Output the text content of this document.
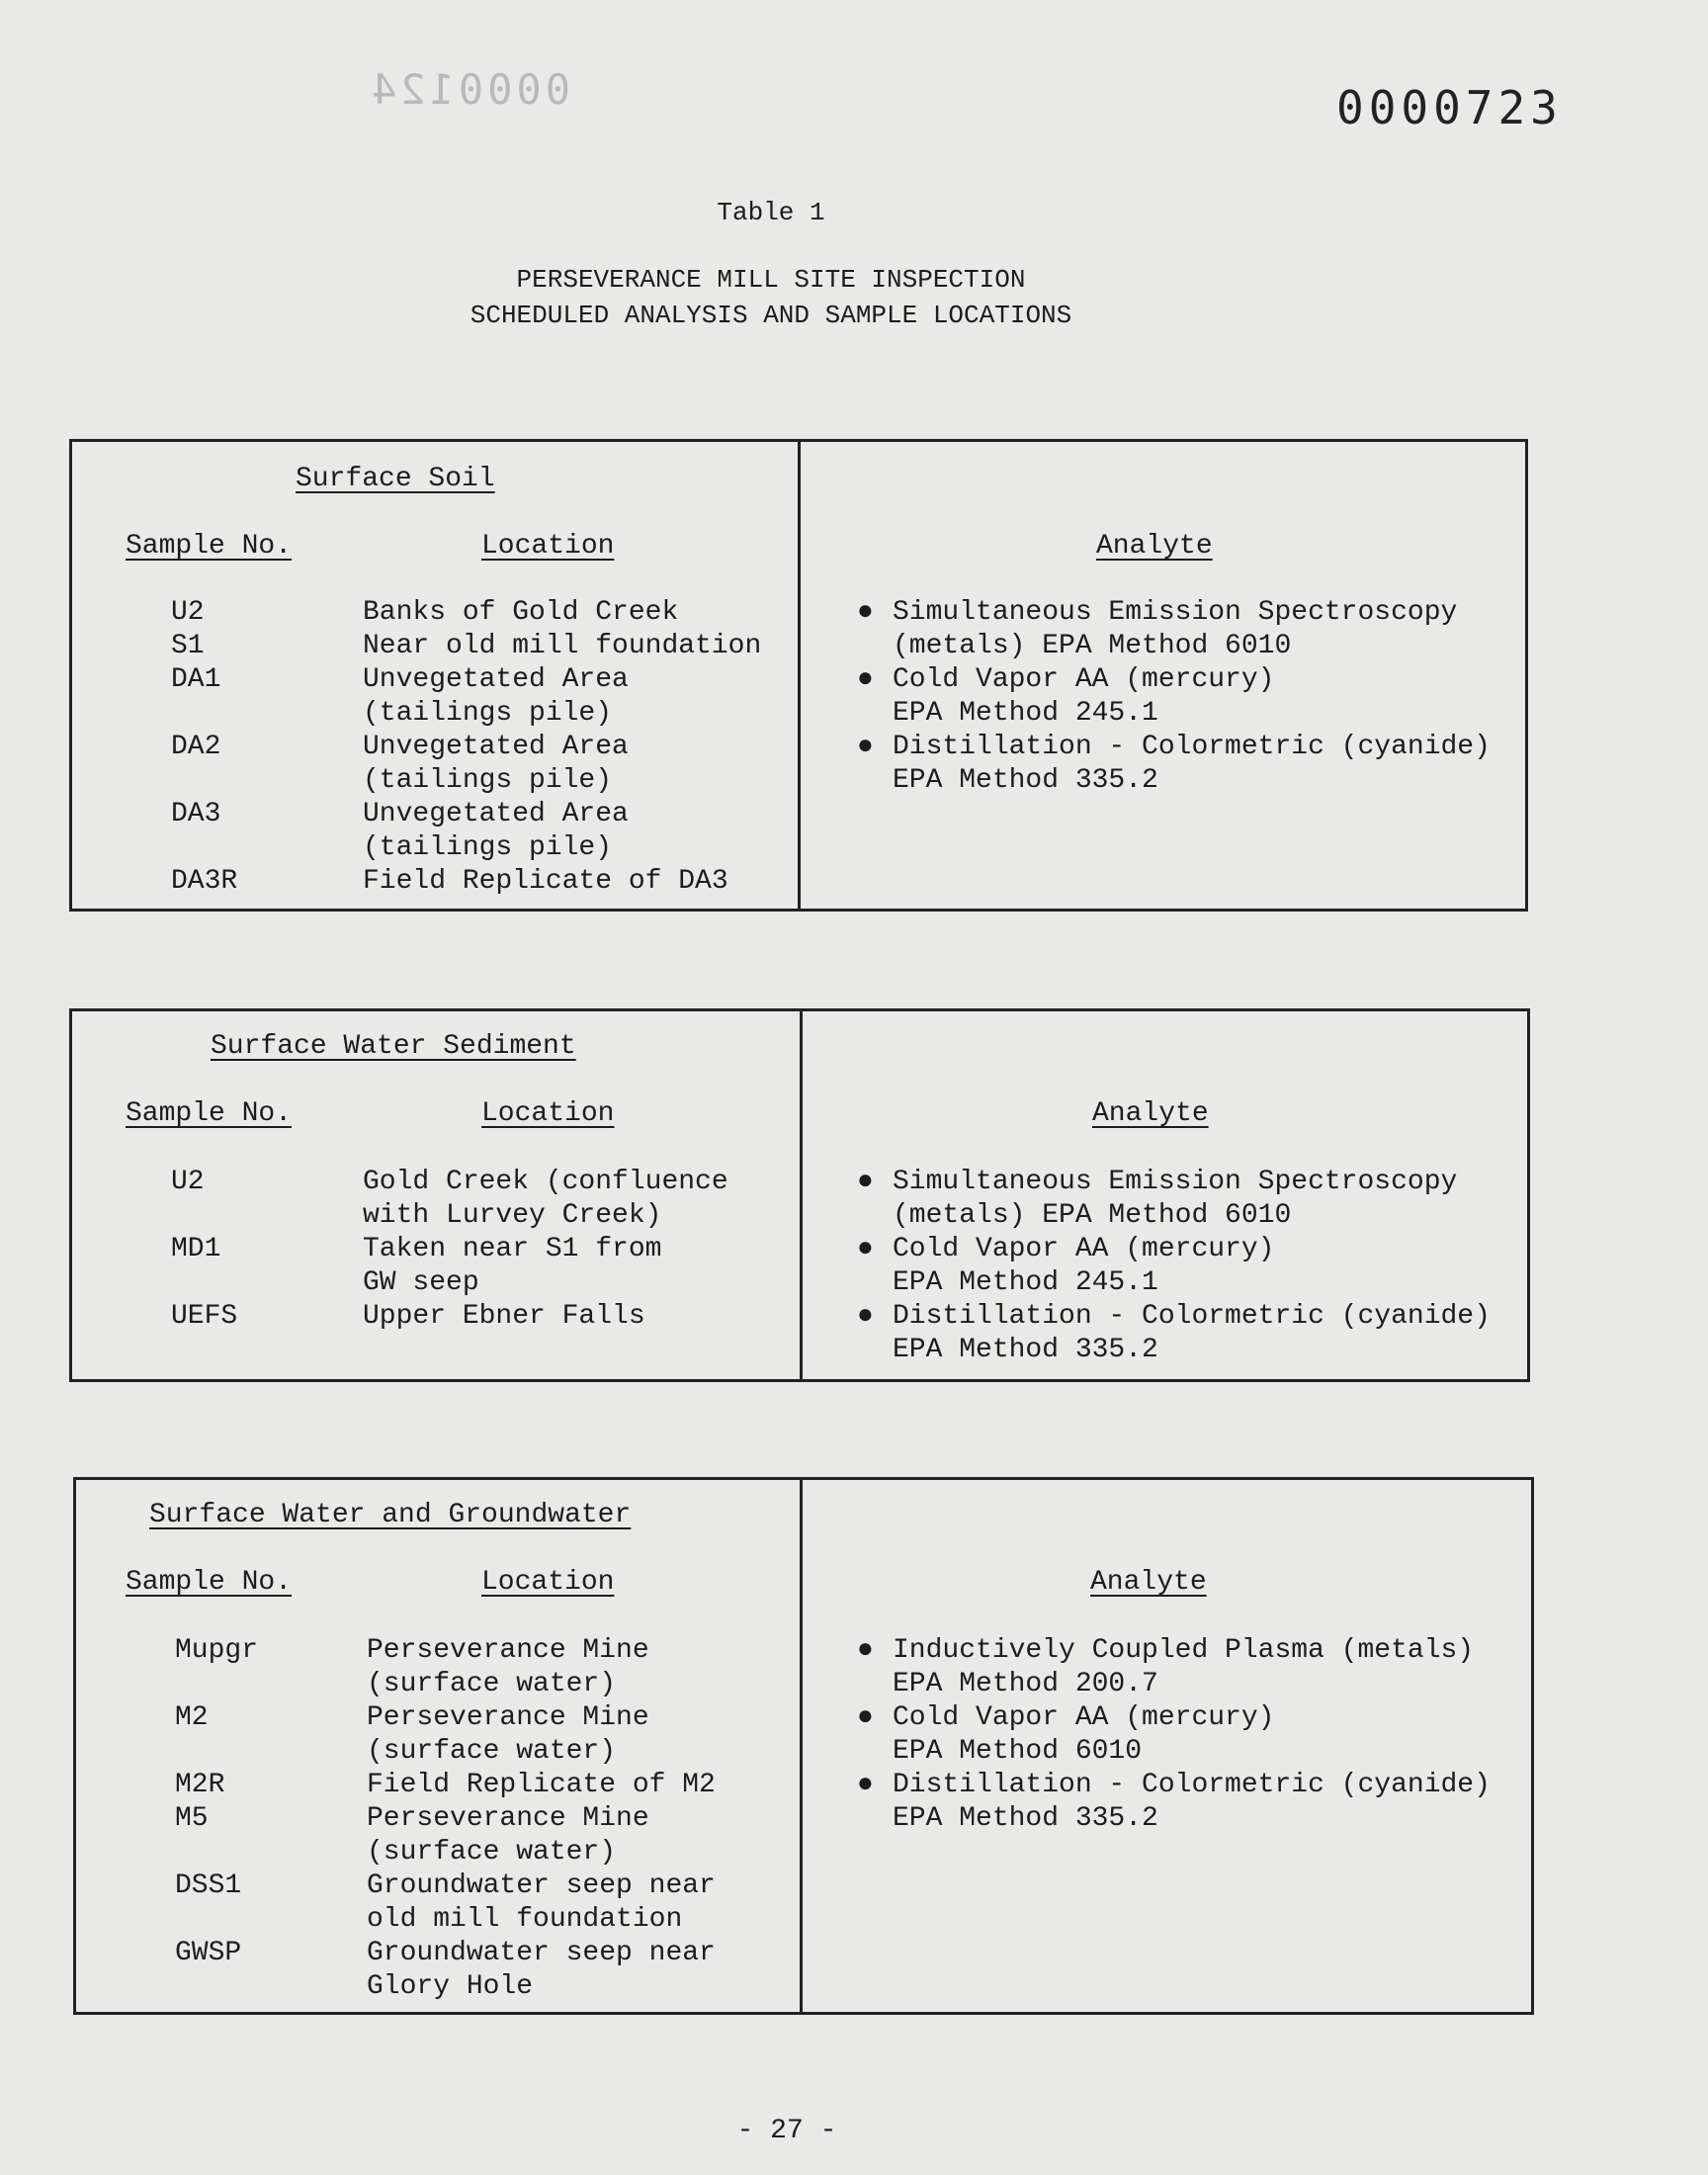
0000124	0000723
Table 1
PERSEVERANCE MILL SITE INSPECTION
SCHEDULED ANALYSIS AND SAMPLE LOCATIONS
Surface Soil
Sample No.	Location	Analyte
U2	Banks of Gold Creek
S1	Near old mill foundation
DA1	Unvegetated Area
(tailings pile)
DA2	Unvegetated Area
(tailings pile)
DA3	Unvegetated Area
(tailings pile)
DA3R	Field Replicate of DA3
● Simultaneous Emission Spectroscopy
(metals) EPA Method 6010
● Cold Vapor AA (mercury)
EPA Method 245.1
● Distillation - Colormetric (cyanide)
EPA Method 335.2
Surface Water Sediment
Sample No.	Location	Analyte
U2	Gold Creek (confluence
with Lurvey Creek)
MD1	Taken near S1 from
GW seep
UEFS	Upper Ebner Falls
● Simultaneous Emission Spectroscopy
(metals) EPA Method 6010
● Cold Vapor AA (mercury)
EPA Method 245.1
● Distillation - Colormetric (cyanide)
EPA Method 335.2
Surface Water and Groundwater
Sample No.	Location	Analyte
Mupgr	Perseverance Mine
(surface water)
M2	Perseverance Mine
(surface water)
M2R	Field Replicate of M2
M5	Perseverance Mine
(surface water)
DSS1	Groundwater seep near
old mill foundation
GWSP	Groundwater seep near
Glory Hole
● Inductively Coupled Plasma (metals)
EPA Method 200.7
● Cold Vapor AA (mercury)
EPA Method 6010
● Distillation - Colormetric (cyanide)
EPA Method 335.2
- 27 -
